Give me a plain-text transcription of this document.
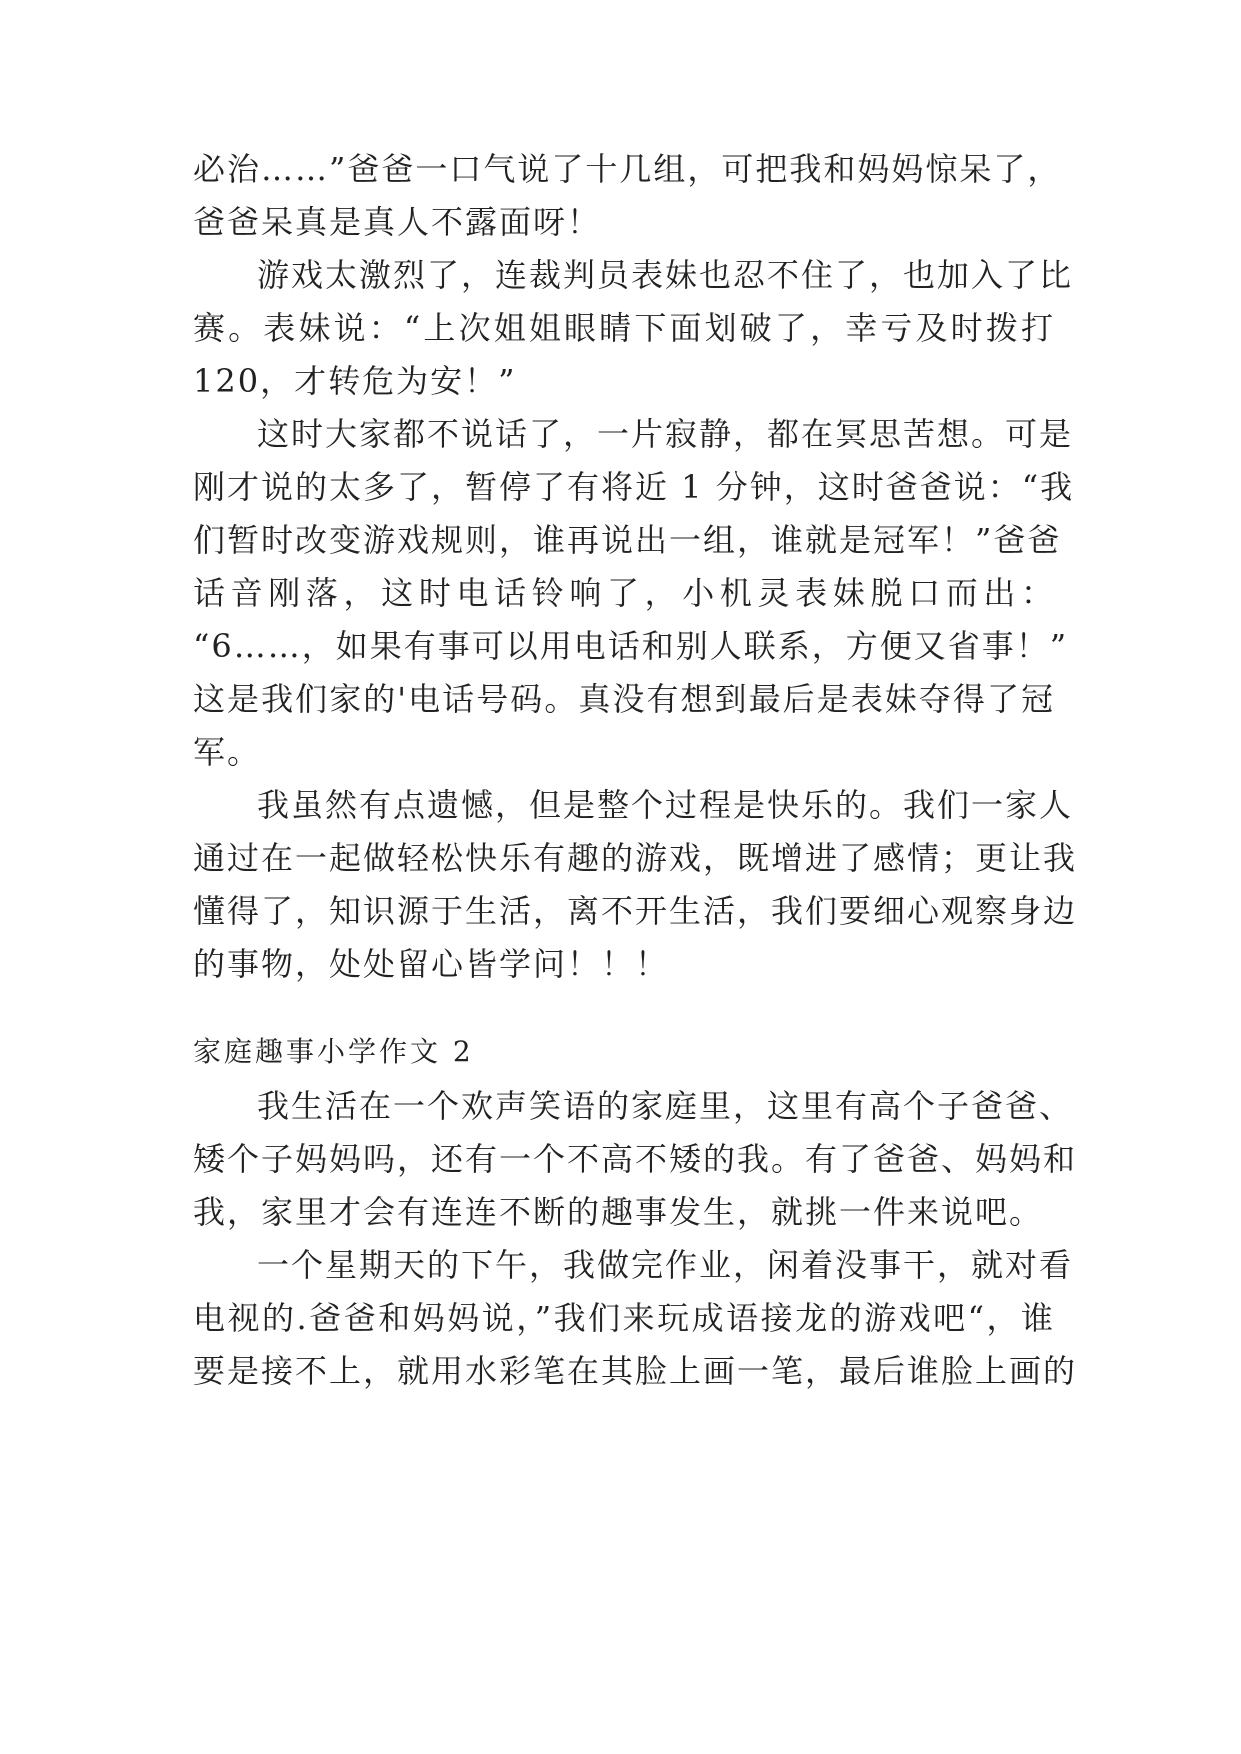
必治……”爸爸一口气说了十几组，可把我和妈妈惊呆了，
爸爸呆真是真人不露面呀！
游戏太激烈了，连裁判员表妹也忍不住了，也加入了比
赛。表妹说：“上次姐姐眼睛下面划破了，幸亏及时拨打
120，才转危为安！”
这时大家都不说话了，一片寂静，都在冥思苦想。可是
刚才说的太多了，暂停了有将近 1 分钟，这时爸爸说：“我
们暂时改变游戏规则，谁再说出一组，谁就是冠军！”爸爸
话音刚落，这时电话铃响了，小机灵表妹脱口而出：
“6……，如果有事可以用电话和别人联系，方便又省事！”
这是我们家的'电话号码。真没有想到最后是表妹夺得了冠
军。
我虽然有点遗憾，但是整个过程是快乐的。我们一家人
通过在一起做轻松快乐有趣的游戏，既增进了感情；更让我
懂得了，知识源于生活，离不开生活，我们要细心观察身边
的事物，处处留心皆学问！！！
家庭趣事小学作文 2
我生活在一个欢声笑语的家庭里，这里有高个子爸爸、
矮个子妈妈吗，还有一个不高不矮的我。有了爸爸、妈妈和
我，家里才会有连连不断的趣事发生，就挑一件来说吧。
一个星期天的下午，我做完作业，闲着没事干，就对看
电视的.爸爸和妈妈说，”我们来玩成语接龙的游戏吧“，谁
要是接不上，就用水彩笔在其脸上画一笔，最后谁脸上画的
